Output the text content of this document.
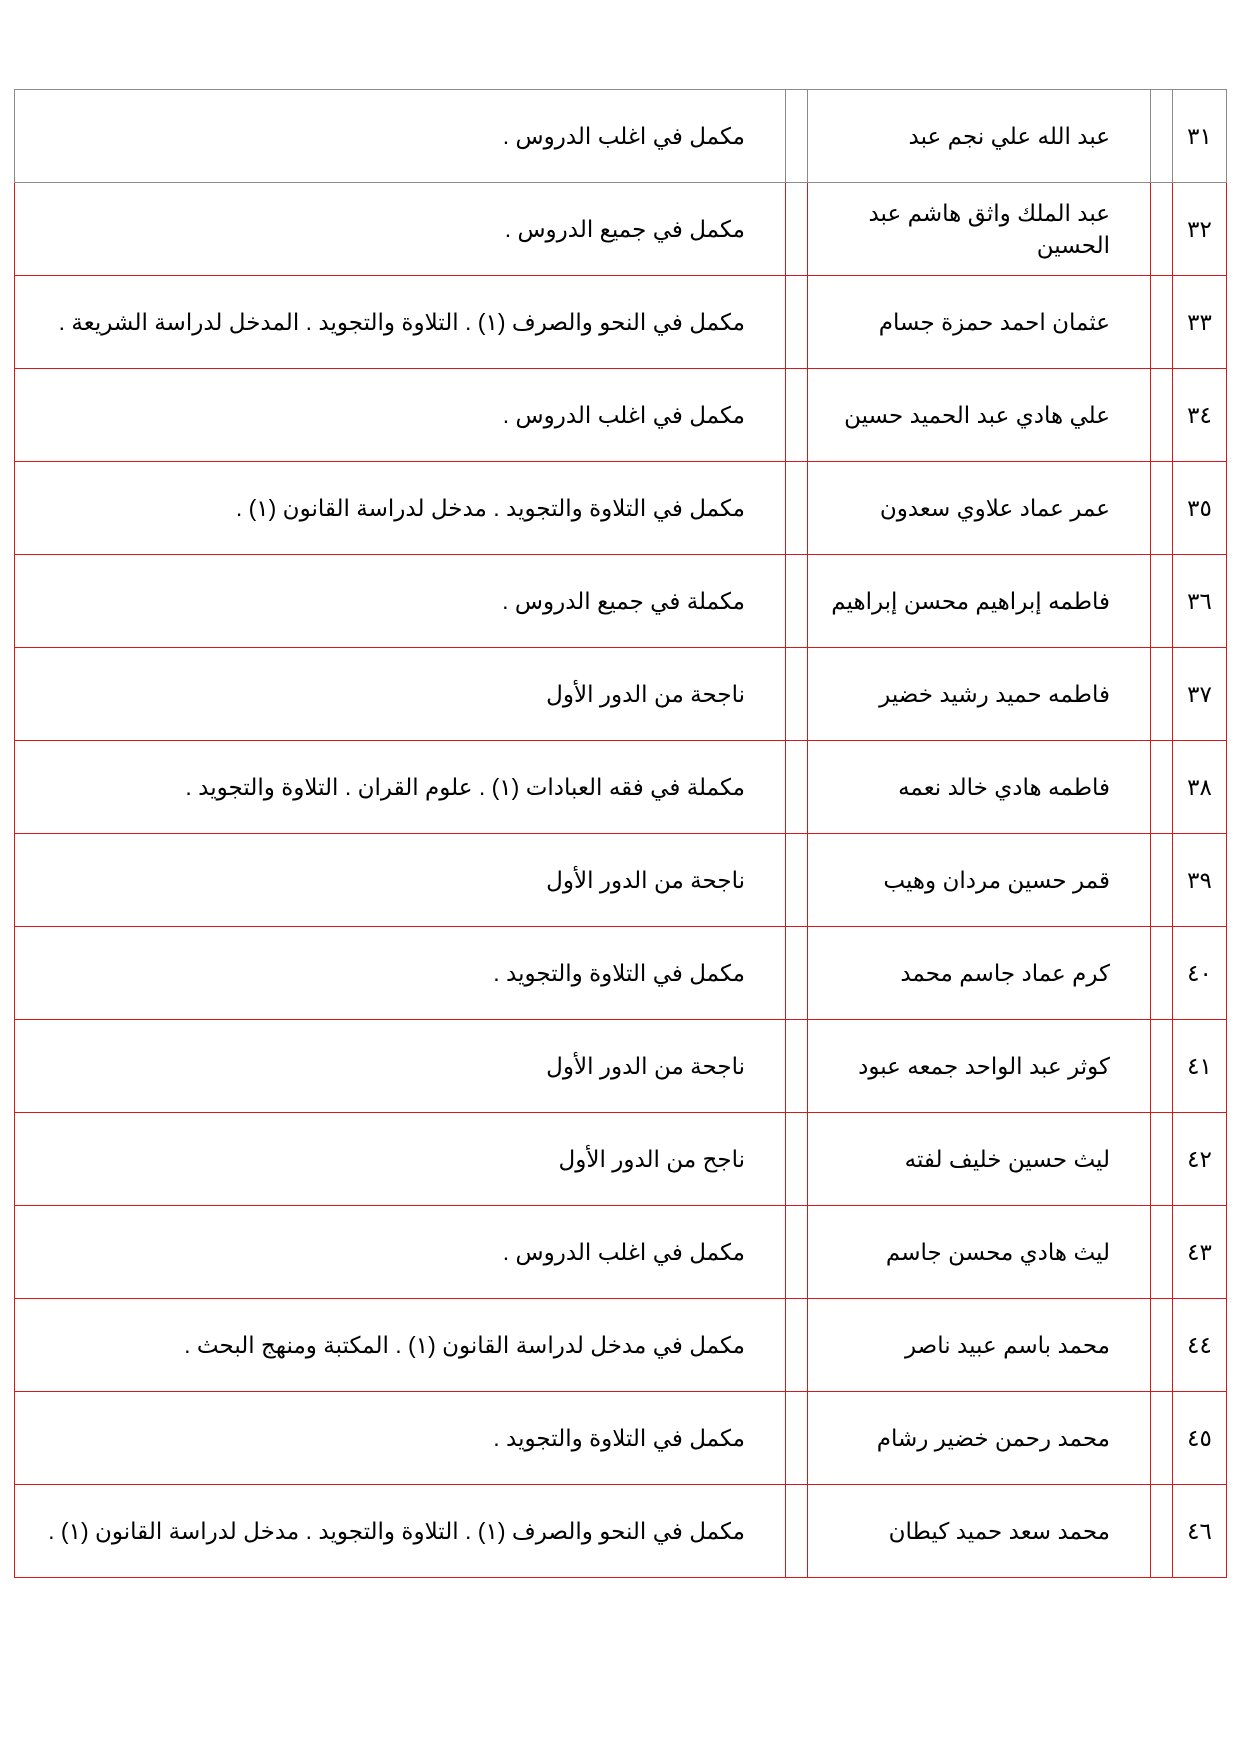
٣١		عبد الله علي نجم عبد		مكمل في اغلب الدروس .
٣٢		عبد الملك واثق هاشم عبد الحسين		مكمل في جميع الدروس .
٣٣		عثمان احمد حمزة جسام		مكمل في النحو والصرف (١) . التلاوة والتجويد . المدخل لدراسة الشريعة .
٣٤		علي هادي عبد الحميد حسين		مكمل في اغلب الدروس .
٣٥		عمر عماد علاوي سعدون		مكمل في التلاوة والتجويد . مدخل لدراسة القانون (١) .
٣٦		فاطمه إبراهيم محسن إبراهيم		مكملة في جميع الدروس .
٣٧		فاطمه حميد رشيد خضير		ناجحة من الدور الأول
٣٨		فاطمه هادي خالد نعمه		مكملة في فقه العبادات (١) . علوم القران . التلاوة والتجويد .
٣٩		قمر حسين مردان وهيب		ناجحة من الدور الأول
٤٠		كرم عماد جاسم محمد		مكمل في التلاوة والتجويد .
٤١		كوثر عبد الواحد جمعه عبود		ناجحة من الدور الأول
٤٢		ليث حسين خليف لفته		ناجح من الدور الأول
٤٣		ليث هادي محسن جاسم		مكمل في اغلب الدروس .
٤٤		محمد باسم عبيد ناصر		مكمل في مدخل لدراسة القانون (١) . المكتبة ومنهج البحث .
٤٥		محمد رحمن خضير رشام		مكمل في التلاوة والتجويد .
٤٦		محمد سعد حميد كيطان		مكمل في النحو والصرف (١) . التلاوة والتجويد . مدخل لدراسة القانون (١) .
